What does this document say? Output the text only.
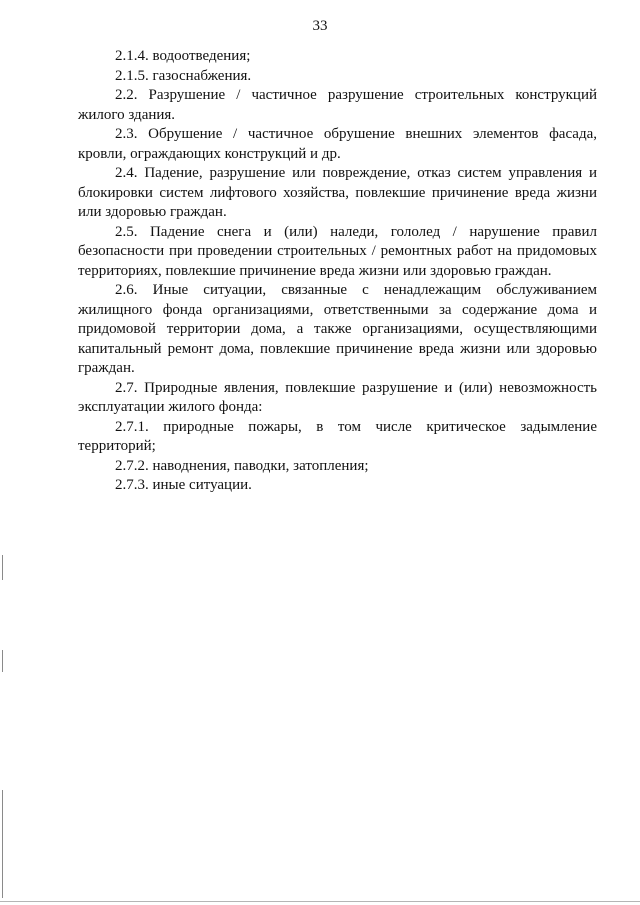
33

2.1.4. водоотведения;

2.1.5. газоснабжения.

2.2. Разрушение / частичное разрушение строительных конструкций жилого здания.

2.3. Обрушение / частичное обрушение внешних элементов фасада, кровли, ограждающих конструкций и др.

2.4. Падение, разрушение или повреждение, отказ систем управления и блокировки систем лифтового хозяйства, повлекшие причинение вреда жизни или здоровью граждан.

2.5. Падение снега и (или) наледи, гололед / нарушение правил безопасности при проведении строительных / ремонтных работ на придомовых территориях, повлекшие причинение вреда жизни или здоровью граждан.

2.6. Иные ситуации, связанные с ненадлежащим обслуживанием жилищного фонда организациями, ответственными за содержание дома и придомовой территории дома, а также организациями, осуществляющими капитальный ремонт дома, повлекшие причинение вреда жизни или здоровью граждан.

2.7. Природные явления, повлекшие разрушение и (или) невозможность эксплуатации жилого фонда:

2.7.1. природные пожары, в том числе критическое задымление территорий;

2.7.2. наводнения, паводки, затопления;

2.7.3. иные ситуации.
